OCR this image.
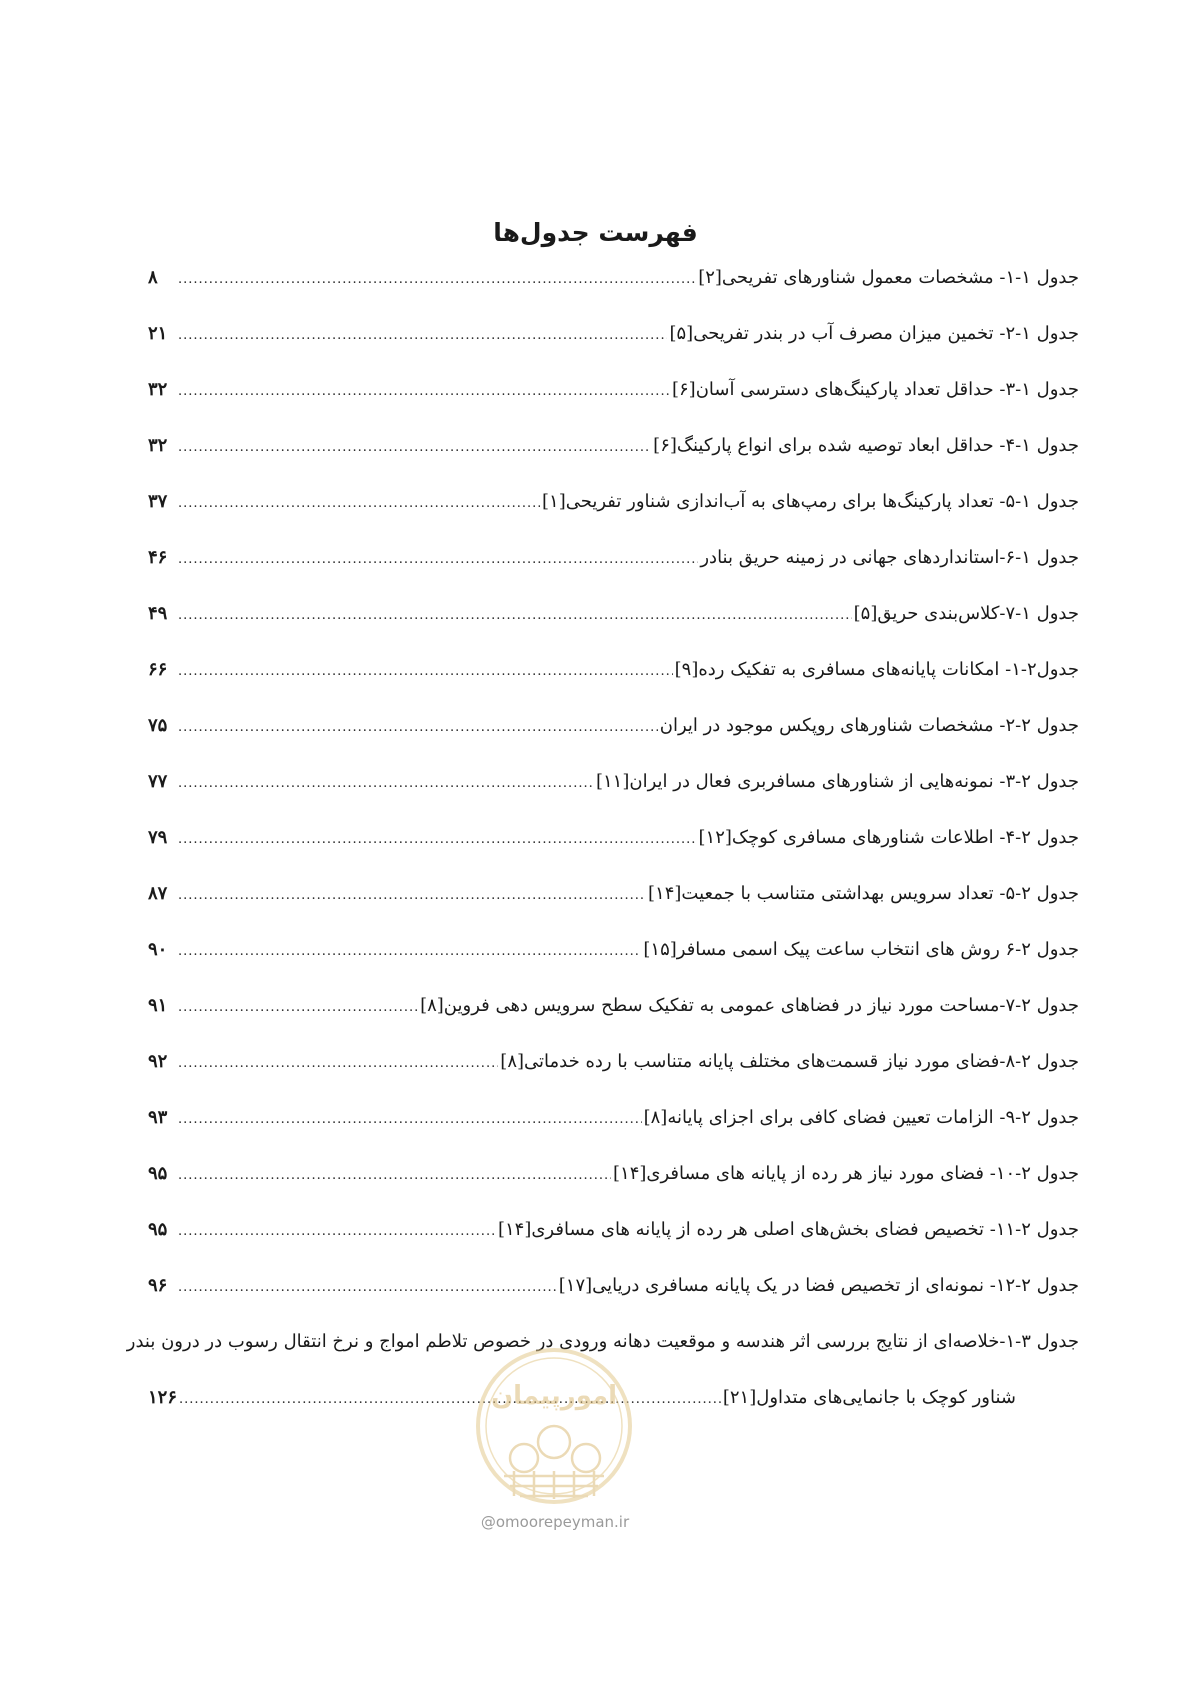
فهرست جدول‌ها
جدول ۱-۱- مشخصات معمول شناورهای تفریحی[۲]
.....
۸
جدول ۱-۲- تخمین میزان مصرف آب در بندر تفریحی[۵]
.....
۲۱
جدول ۱-۳- حداقل تعداد پارکینگ‌های دسترسی آسان[۶]
.....
۳۲
جدول ۱-۴- حداقل ابعاد توصیه شده برای انواع پارکینگ[۶]
.....
۳۲
جدول ۱-۵- تعداد پارکینگ‌ها برای رمپ‌های به آب‌اندازی شناور تفریحی[۱]
.....
۳۷
جدول ۱-۶-استانداردهای جهانی در زمینه حریق بنادر
.....
۴۶
جدول ۱-۷-کلاس‌بندی حریق[۵]
.....
۴۹
جدول۲-۱- امکانات پایانه‌های مسافری به تفکیک رده[۹]
.....
۶۶
جدول ۲-۲- مشخصات شناورهای روپکس موجود در ایران
.....
۷۵
جدول ۲-۳- نمونه‌هایی از شناورهای مسافربری فعال در ایران[۱۱]
.....
۷۷
جدول ۲-۴- اطلاعات شناورهای مسافری کوچک[۱۲]
.....
۷۹
جدول ۲-۵- تعداد سرویس بهداشتی متناسب با جمعیت[۱۴]
.....
۸۷
جدول ۲-۶ روش های انتخاب ساعت پیک اسمی مسافر[۱۵]
.....
۹۰
جدول ۲-۷-مساحت مورد نیاز در فضاهای عمومی به تفکیک سطح سرویس دهی فروین[۸]
.....
۹۱
جدول ۲-۸-فضای مورد نیاز قسمت‌های مختلف پایانه متناسب با رده خدماتی[۸]
.....
۹۲
جدول ۲-۹- الزامات تعیین فضای کافی برای اجزای پایانه[۸]
.....
۹۳
جدول ۲-۱۰- فضای مورد نیاز هر رده از پایانه های مسافری[۱۴]
.....
۹۵
جدول ۲-۱۱- تخصیص فضای بخش‌های اصلی هر رده از پایانه های مسافری[۱۴]
.....
۹۵
جدول ۲-۱۲- نمونه‌ای از تخصیص فضا در یک پایانه مسافری دریایی[۱۷]
.....
۹۶
جدول ۳-۱-خلاصه‌ای از نتایج بررسی اثر هندسه و موقعیت دهانه ورودی در خصوص تلاطم امواج و نرخ انتقال رسوب در درون بندر
شناور کوچک با جانمایی‌های متداول[۲۱]
.....
۱۲۶	امورپیمان
@omoorepeyman.ir
